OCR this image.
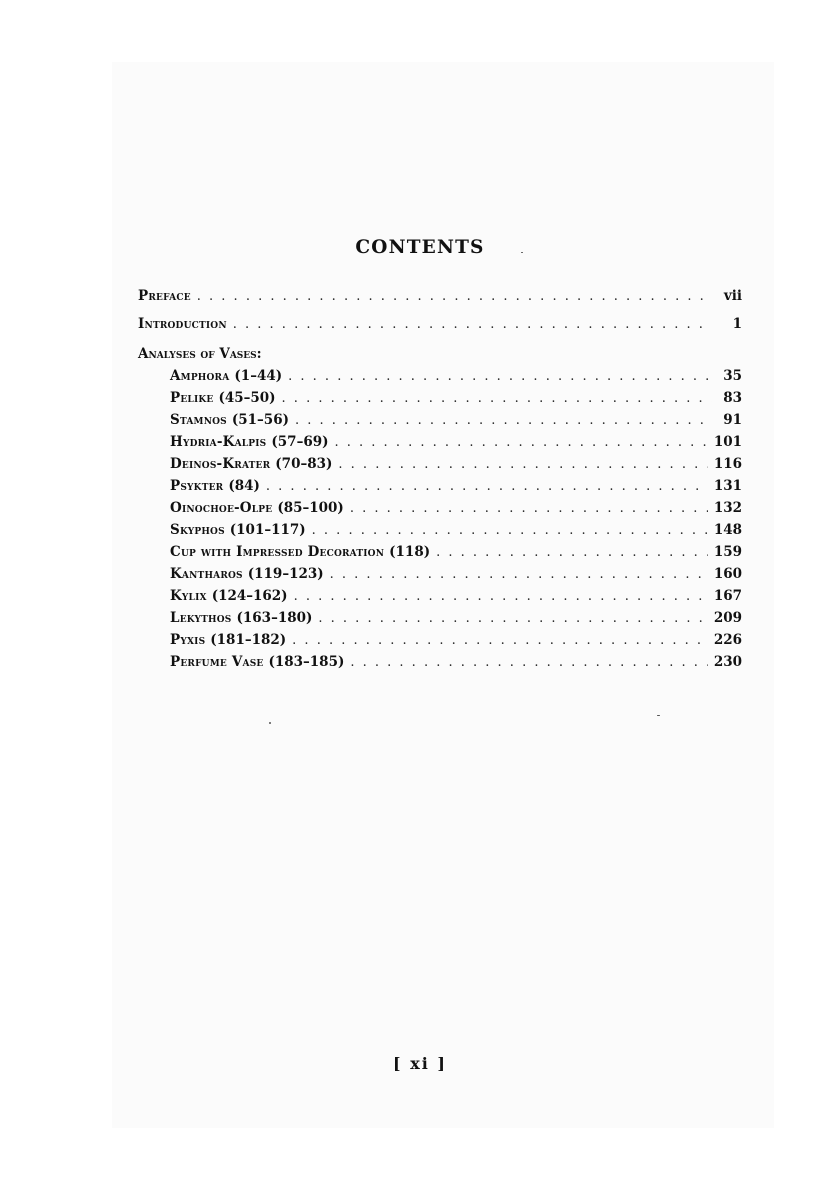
CONTENTS
Preface . . .	vii
Introduction . . .	1
Analyses of Vases:
Amphora (1–44) . . .	35
Pelike (45–50) . . .	83
Stamnos (51–56) . . .	91
Hydria-Kalpis (57–69) . . .	101
Deinos-Krater (70–83) . . .	116
Psykter (84) . . .	131
Oinochoe-Olpe (85–100) . . .	132
Skyphos (101–117) . . .	148
Cup with Impressed Decoration (118) . . .	159
Kantharos (119–123) . . .	160
Kylix (124–162) . . .	167
Lekythos (163–180) . . .	209
Pyxis (181–182) . . .	226
Perfume Vase (183–185) . . .	230
[ xi ]
